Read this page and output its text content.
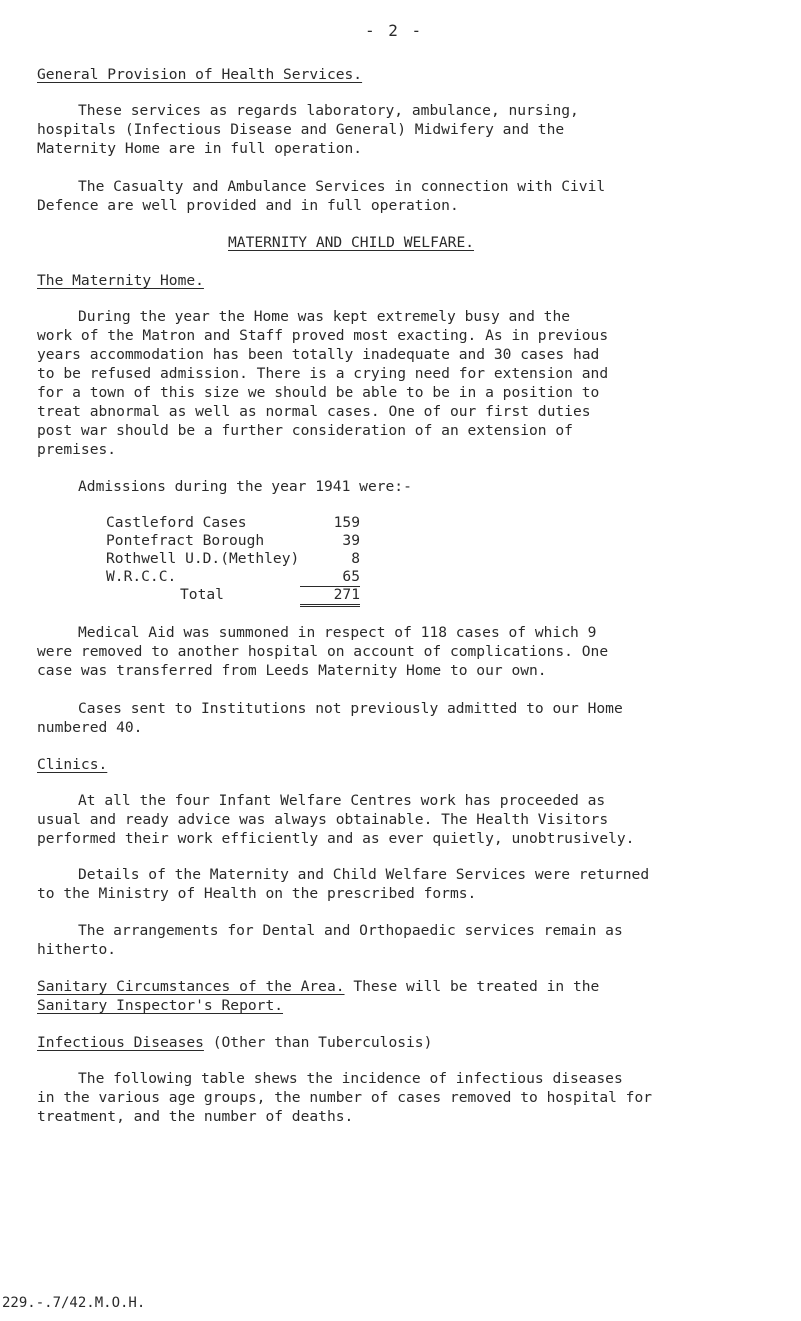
- 2 -
General Provision of Health Services.
These services as regards laboratory, ambulance, nursing,
hospitals (Infectious Disease and General) Midwifery and the
Maternity Home are in full operation.
The Casualty and Ambulance Services in connection with Civil
Defence are well provided and in full operation.
MATERNITY AND CHILD WELFARE.
The Maternity Home.
During the year the Home was kept extremely busy and the
work of the Matron and Staff proved most exacting. As in previous
years accommodation has been totally inadequate and 30 cases had
to be refused admission. There is a crying need for extension and
for a town of this size we should be able to be in a position to
treat abnormal as well as normal cases. One of our first duties
post war should be a further consideration of an extension of
premises.
Admissions during the year 1941 were:-
Castleford Cases	159
Pontefract Borough	39
Rothwell U.D.(Methley)	8
W.R.C.C.	65
Total	271
Medical Aid was summoned in respect of 118 cases of which 9
were removed to another hospital on account of complications. One
case was transferred from Leeds Maternity Home to our own.
Cases sent to Institutions not previously admitted to our Home
numbered 40.
Clinics.
At all the four Infant Welfare Centres work has proceeded as
usual and ready advice was always obtainable. The Health Visitors
performed their work efficiently and as ever quietly, unobtrusively.
Details of the Maternity and Child Welfare Services were returned
to the Ministry of Health on the prescribed forms.
The arrangements for Dental and Orthopaedic services remain as
hitherto.
Sanitary Circumstances of the Area. These will be treated in the
Sanitary Inspector's Report.
Infectious Diseases (Other than Tuberculosis)
The following table shews the incidence of infectious diseases
in the various age groups, the number of cases removed to hospital for
treatment, and the number of deaths.
229.-.7/42.M.O.H.
